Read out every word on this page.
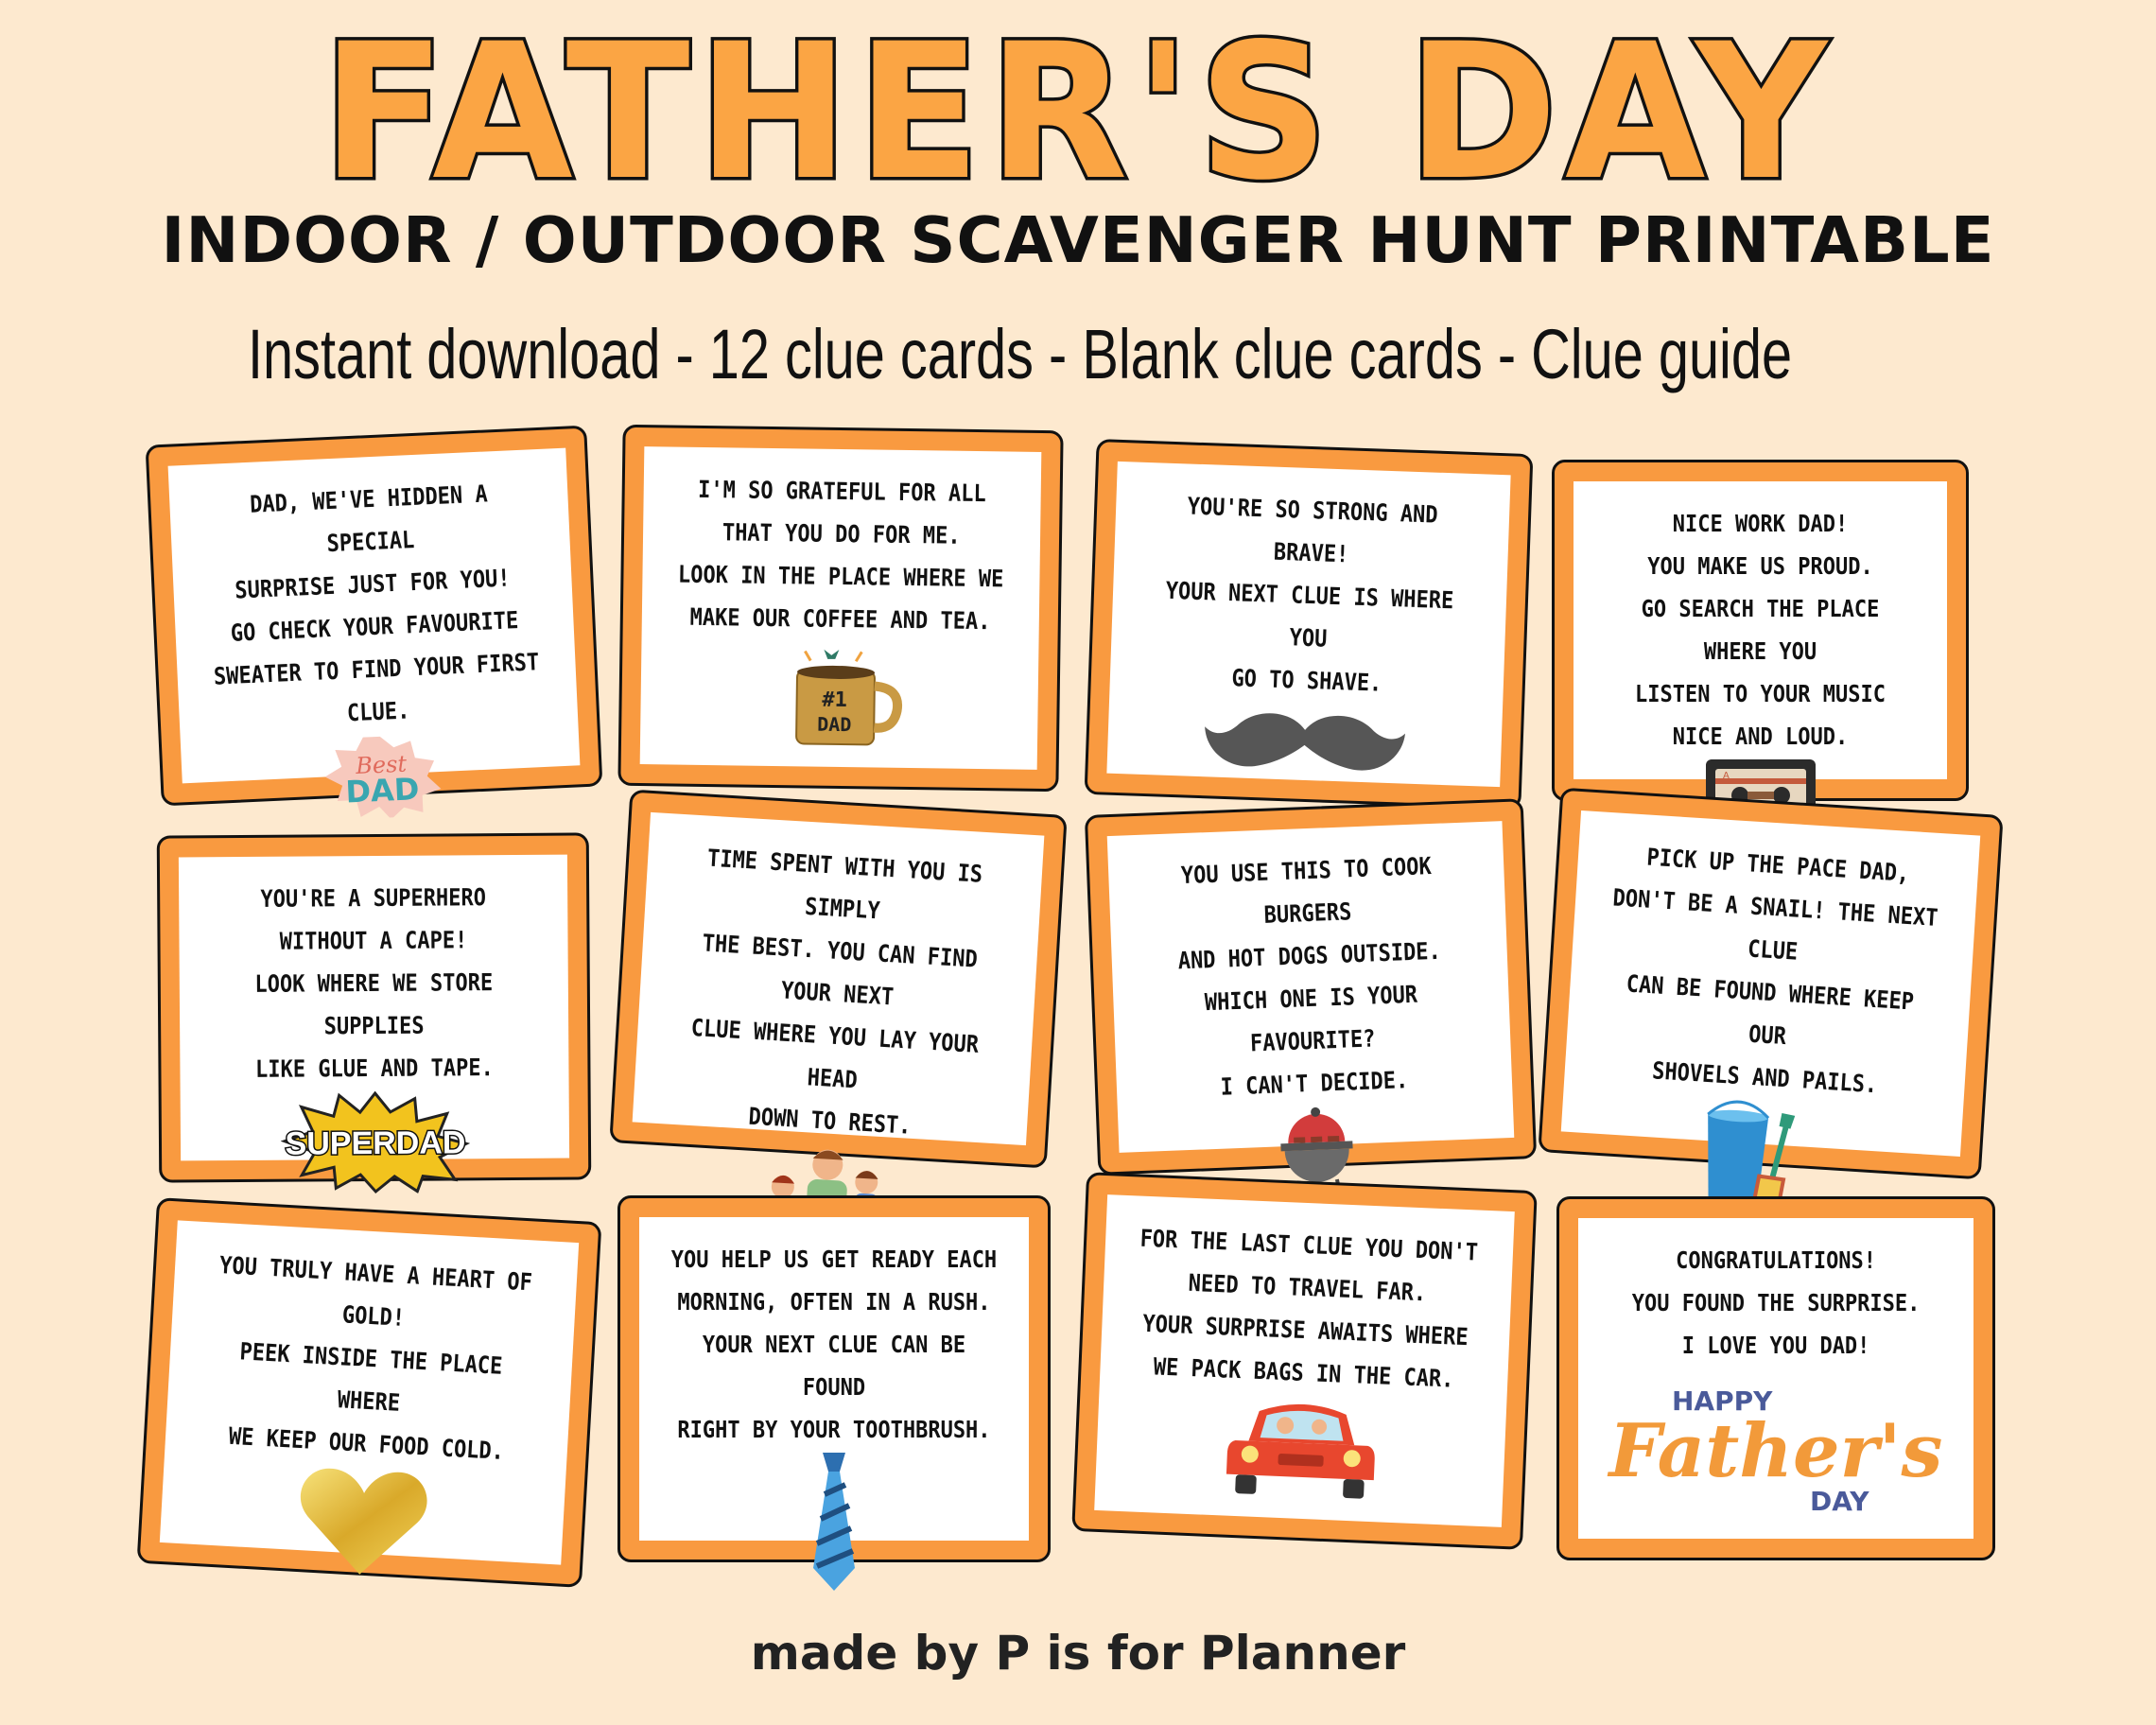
FATHER'S DAY
INDOOR / OUTDOOR SCAVENGER HUNT PRINTABLE
Instant download - 12 clue cards - Blank clue cards - Clue guide
DAD, WE'VE HIDDEN A SPECIAL
SURPRISE JUST FOR YOU!
GO CHECK YOUR FAVOURITE
SWEATER TO FIND YOUR FIRST CLUE.
Best
DAD
I'M SO GRATEFUL FOR ALL
THAT YOU DO FOR ME.
LOOK IN THE PLACE WHERE WE
MAKE OUR COFFEE AND TEA.
#1
DAD
YOU'RE SO STRONG AND BRAVE!
YOUR NEXT CLUE IS WHERE YOU
GO TO SHAVE.
NICE WORK DAD!
YOU MAKE US PROUD.
GO SEARCH THE PLACE WHERE YOU
LISTEN TO YOUR MUSIC
NICE AND LOUD.
A
YOU'RE A SUPERHERO
WITHOUT A CAPE!
LOOK WHERE WE STORE SUPPLIES
LIKE GLUE AND TAPE.
SUPERDAD
TIME SPENT WITH YOU IS SIMPLY
THE BEST. YOU CAN FIND YOUR NEXT
CLUE WHERE YOU LAY YOUR HEAD
DOWN TO REST.
YOU USE THIS TO COOK BURGERS
AND HOT DOGS OUTSIDE.
WHICH ONE IS YOUR FAVOURITE?
I CAN'T DECIDE.
PICK UP THE PACE DAD,
DON'T BE A SNAIL! THE NEXT CLUE
CAN BE FOUND WHERE KEEP OUR
SHOVELS AND PAILS.
YOU TRULY HAVE A HEART OF GOLD!
PEEK INSIDE THE PLACE WHERE
WE KEEP OUR FOOD COLD.
YOU HELP US GET READY EACH
MORNING, OFTEN IN A RUSH.
YOUR NEXT CLUE CAN BE FOUND
RIGHT BY YOUR TOOTHBRUSH.
FOR THE LAST CLUE YOU DON'T
NEED TO TRAVEL FAR.
YOUR SURPRISE AWAITS WHERE
WE PACK BAGS IN THE CAR.
CONGRATULATIONS!
YOU FOUND THE SURPRISE.
I LOVE YOU DAD!
HAPPY
Father's
DAY
made by P is for Planner
